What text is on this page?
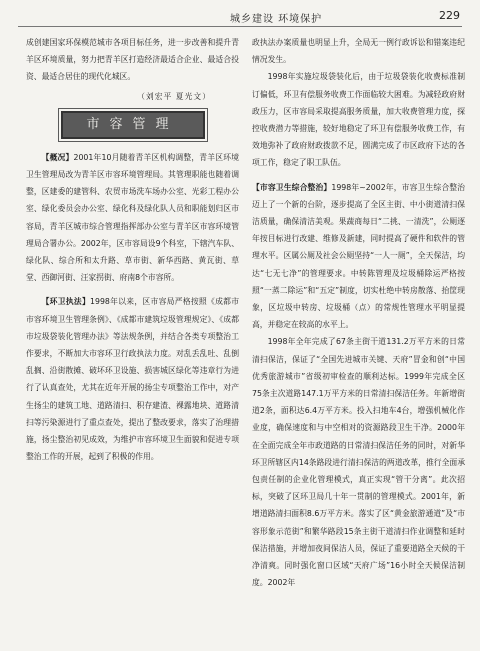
城乡建设 环境保护	229

成创建国家环保模范城市各项目标任务，进一步改善和提升青羊区环境质量，努力把青羊区打造经济最适合企业、最适合投资、最适合居住的现代化城区。

（刘宏平 夏光文）

市容管理

【概况】2001年10月随着青羊区机构调整，青羊区环境卫生管理局改为青羊区市容环境管理局。其管理职能也随着调整，区建委的建管科、农贸市场洗车场办公室、光彩工程办公室、绿化委员会办公室、绿化科及绿化队人员和职能划归区市容局，青羊区城市综合管理指挥部办公室与青羊区市容环境管理局合署办公。2002年，区市容局设9个科室，下辖汽车队、绿化队、综合所和太升路、草市街、新华西路、黄瓦街、草堂、西御河街、汪家拐街、府南8个市容所。

【环卫执法】1998年以来，区市容局严格按照《成都市市容环境卫生管理条例》、《成都市建筑垃圾管理规定》、《成都市垃圾袋装化管理办法》等法规条例，并结合各类专项整治工作要求，不断加大市容环卫行政执法力度。对乱丢乱吐、乱倒乱搁、沿街散摊、破坏环卫设施、损害城区绿化等违章行为进行了认真查处，尤其在近年开展的扬尘专项整治工作中，对产生扬尘的建筑工地、道路清扫、积存建渣、裸露地块、道路清扫等污染源进行了重点查处，提出了整改要求，落实了治理措施，扬尘整治初见成效，为维护市容环境卫生面貌和促进专项整治工作的开展，起到了积极的作用。

政执法办案质量也明显上升，全局无一例行政诉讼和错案违纪情况发生。

1998年实施垃圾袋装化后，由于垃圾袋装化收费标准制订偏低，环卫有偿服务收费工作面临较大困难。为减轻政府财政压力，区市容局采取提高服务质量，加大收费管理力度，探控收费潜力等措施，较好地稳定了环卫有偿服务收费工作，有效地弥补了政府财政拨款不足，圆满完成了市区政府下达的各项工作，稳定了职工队伍。

【市容卫生综合整治】1998年~2002年，市容卫生综合整治迈上了一个新的台阶，逐步提高了全区主街、中小街道清扫保洁质量，确保清洁美观。果蔬商每日“二挑、一清洗”，公厕逐年按目标进行改建、维修及新建，同时提高了硬件和软件的管理水平。区属公厕及社会公厕坚持“一人一厕”，全天保洁，均达“七无七净”的管理要求。中转陈管理及垃圾桶除运严格按照“一蒸二除运”和“五定”制度，切实杜绝中转房散落、抬筐现象，区垃圾中转房、垃圾桶（点）的常规性管理水平明显提高，并稳定在较高的水平上。

1998年全年完成了67条主街干道131.2万平方米的日常清扫保洁，保证了“全国先进城市关键、天府”冒金和创“中国优秀旅游城市”省级初审检查的顺利达标。1999年完成全区75条主次道路147.1万平方米的日常清扫保洁任务。年新增街道2条，面积达6.4万平方米。投入扫地车4台，增强机械化作业度，确保速度和与中空相对的资源路段卫生干净。2000年在全面完成全年市政道路的日常清扫保洁任务的同时，对新华环卫所辖区内14条路段进行清扫保洁的两道改革，推行全面承包责任制的企业化管理模式，真正实现“管干分离”。此次招标，突破了区环卫局几十年一贯制的管理模式。2001年，新增道路清扫面积8.6万平方米。落实了区“黄金旅游通道”及“市容形象示范街”和繁华路段15条主街干道清扫作业调整和延时保洁措施，并增加夜间保洁人员，保证了重要道路全天候的干净清爽。同时强化窗口区域“天府广场”16小时全天候保洁制度。2002年
